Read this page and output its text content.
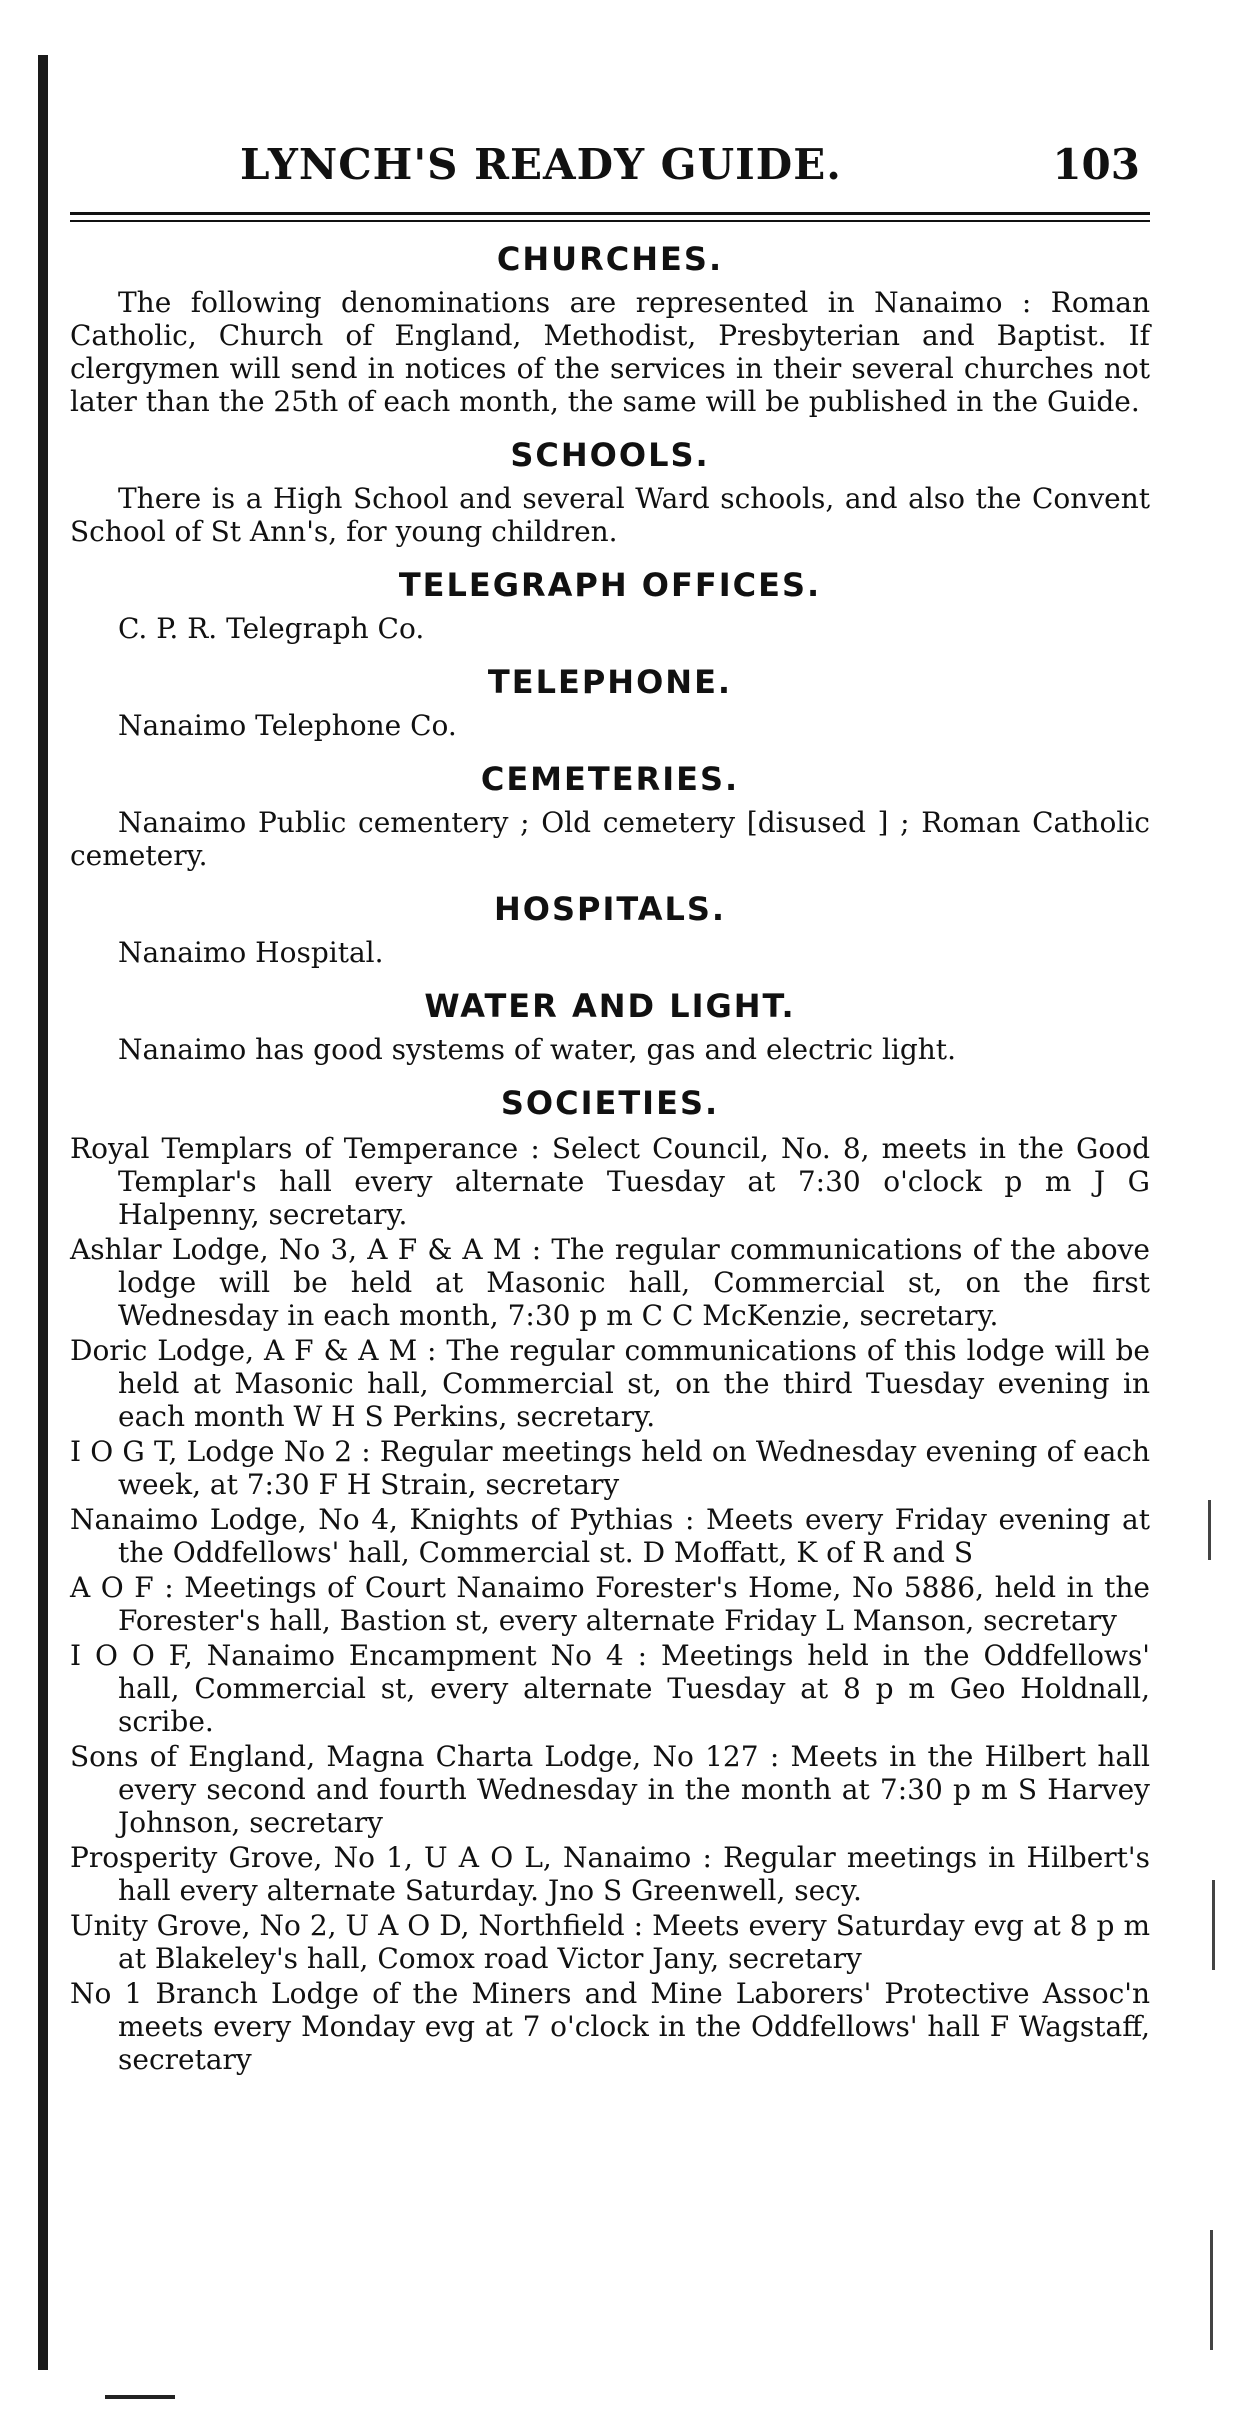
LYNCH'S READY GUIDE.	103
CHURCHES.

The following denominations are represented in Nanaimo : Roman Catholic, Church of England, Methodist, Presbyterian and Baptist. If clergymen will send in notices of the services in their several churches not later than the 25th of each month, the same will be published in the Guide.

SCHOOLS.

There is a High School and several Ward schools, and also the Convent School of St Ann's, for young children.

TELEGRAPH OFFICES.

C. P. R. Telegraph Co.

TELEPHONE.

Nanaimo Telephone Co.

CEMETERIES.

Nanaimo Public cementery ; Old cemetery [disused ] ; Roman Catholic cemetery.

HOSPITALS.

Nanaimo Hospital.

WATER AND LIGHT.

Nanaimo has good systems of water, gas and electric light.

SOCIETIES.
Royal Templars of Temperance : Select Council, No. 8, meets in the Good Templar's hall every alternate Tuesday at 7:30 o'clock p m J G Halpenny, secretary.
Ashlar Lodge, No 3, A F & A M : The regular communications of the above lodge will be held at Masonic hall, Commercial st, on the first Wednesday in each month, 7:30 p m C C McKenzie, secretary.
Doric Lodge, A F & A M : The regular communications of this lodge will be held at Masonic hall, Commercial st, on the third Tuesday evening in each month W H S Perkins, secretary.
I O G T, Lodge No 2 : Regular meetings held on Wednesday evening of each week, at 7:30 F H Strain, secretary
Nanaimo Lodge, No 4, Knights of Pythias : Meets every Friday evening at the Oddfellows' hall, Commercial st. D Moffatt, K of R and S
A O F : Meetings of Court Nanaimo Forester's Home, No 5886, held in the Forester's hall, Bastion st, every alternate Friday L Manson, secretary
I O O F, Nanaimo Encampment No 4 : Meetings held in the Oddfellows' hall, Commercial st, every alternate Tuesday at 8 p m Geo Holdnall, scribe.
Sons of England, Magna Charta Lodge, No 127 : Meets in the Hilbert hall every second and fourth Wednesday in the month at 7:30 p m S Harvey Johnson, secretary
Prosperity Grove, No 1, U A O L, Nanaimo : Regular meetings in Hilbert's hall every alternate Saturday. Jno S Greenwell, secy.
Unity Grove, No 2, U A O D, Northfield : Meets every Saturday evg at 8 p m at Blakeley's hall, Comox road Victor Jany, secretary
No 1 Branch Lodge of the Miners and Mine Laborers' Protective Assoc'n meets every Monday evg at 7 o'clock in the Oddfellows' hall F Wagstaff, secretary
